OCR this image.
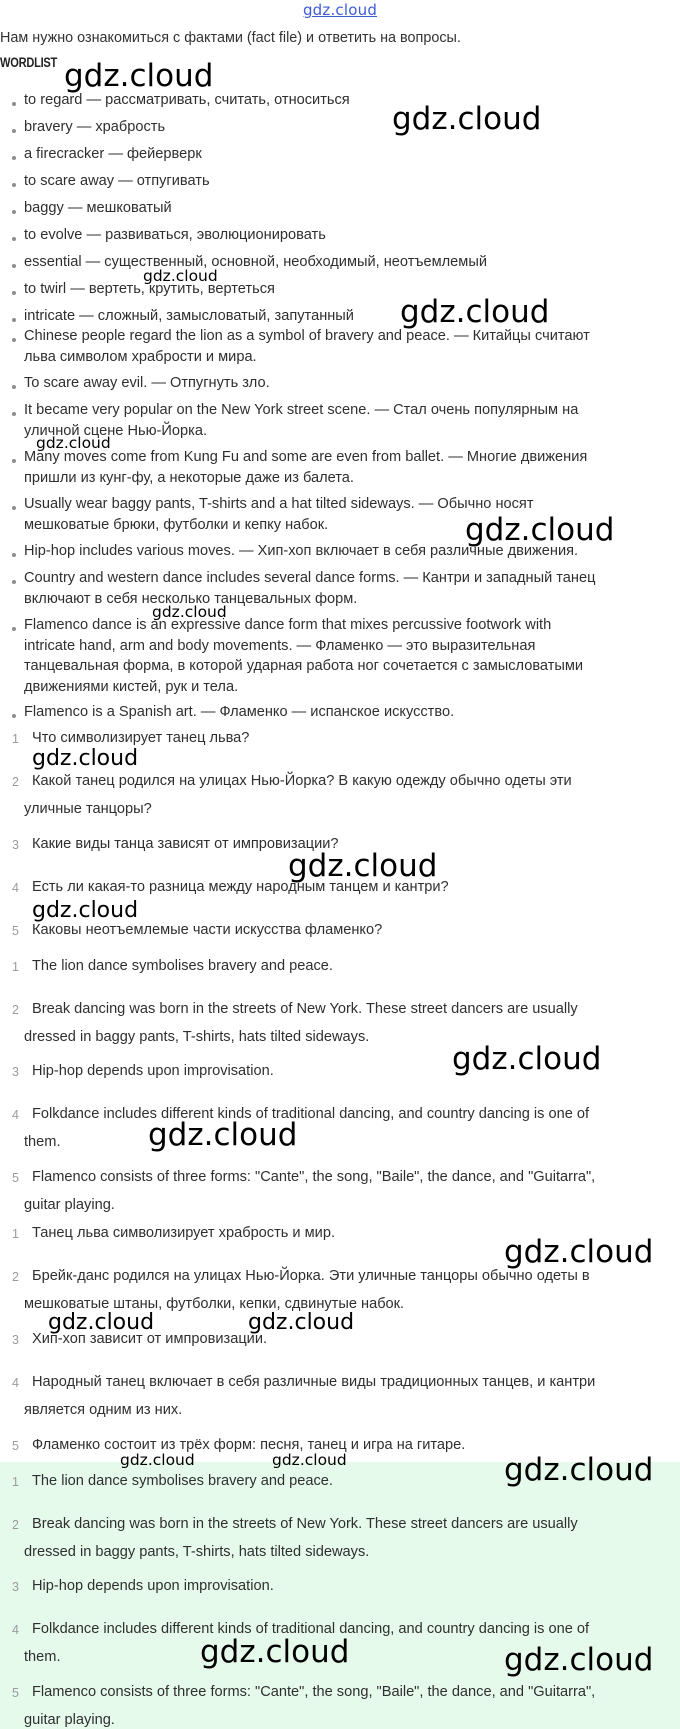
gdz.cloud
Нам нужно ознакомиться с фактами (fact file) и ответить на вопросы.
WORDLIST
to regard — рассматривать, считать, относиться
bravery — храбрость
a firecracker — фейерверк
to scare away — отпугивать
baggy — мешковатый
to evolve — развиваться, эволюционировать
essential — существенный, основной, необходимый, неотъемлемый
to twirl — вертеть, крутить, вертеться
intricate — сложный, замысловатый, запутанный
Chinese people regard the lion as a symbol of bravery and peace. — Китайцы считают
льва символом храбрости и мира.
To scare away evil. — Отпугнуть зло.
It became very popular on the New York street scene. — Стал очень популярным на
уличной сцене Нью-Йорка.
Many moves come from Kung Fu and some are even from ballet. — Многие движения
пришли из кунг-фу, а некоторые даже из балета.
Usually wear baggy pants, T-shirts and a hat tilted sideways. — Обычно носят
мешковатые брюки, футболки и кепку набок.
Hip-hop includes various moves. — Хип-хоп включает в себя различные движения.
Country and western dance includes several dance forms. — Кантри и западный танец
включают в себя несколько танцевальных форм.
Flamenco dance is an expressive dance form that mixes percussive footwork with
intricate hand, arm and body movements. — Фламенко — это выразительная
танцевальная форма, в которой ударная работа ног сочетается с замысловатыми
движениями кистей, рук и тела.
Flamenco is a Spanish art. — Фламенко — испанское искусство.
1 Что символизирует танец льва?
2 Какой танец родился на улицах Нью-Йорка? В какую одежду обычно одеты эти
уличные танцоры?
3 Какие виды танца зависят от импровизации?
4 Есть ли какая-то разница между народным танцем и кантри?
5 Каковы неотъемлемые части искусства фламенко?
1 The lion dance symbolises bravery and peace.
2 Break dancing was born in the streets of New York. These street dancers are usually
dressed in baggy pants, T-shirts, hats tilted sideways.
3 Hip-hop depends upon improvisation.
4 Folkdance includes different kinds of traditional dancing, and country dancing is one of
them.
5 Flamenco consists of three forms: "Cante", the song, "Baile", the dance, and "Guitarra",
guitar playing.
1 Танец льва символизирует храбрость и мир.
2 Брейк-данс родился на улицах Нью-Йорка. Эти уличные танцоры обычно одеты в
мешковатые штаны, футболки, кепки, сдвинутые набок.
3 Хип-хоп зависит от импровизации.
4 Народный танец включает в себя различные виды традиционных танцев, и кантри
является одним из них.
5 Фламенко состоит из трёх форм: песня, танец и игра на гитаре.
1 The lion dance symbolises bravery and peace.
2 Break dancing was born in the streets of New York. These street dancers are usually
dressed in baggy pants, T-shirts, hats tilted sideways.
3 Hip-hop depends upon improvisation.
4 Folkdance includes different kinds of traditional dancing, and country dancing is one of
them.
5 Flamenco consists of three forms: "Cante", the song, "Baile", the dance, and "Guitarra",
guitar playing.
gdz.cloud
gdz.cloud
gdz.cloud
gdz.cloud
gdz.cloud
gdz.cloud
gdz.cloud
gdz.cloud
gdz.cloud
gdz.cloud
gdz.cloud
gdz.cloud
gdz.cloud
gdz.cloud	gdz.cloud
gdz.cloud	gdz.cloud	gdz.cloud
gdz.cloud	gdz.cloud
